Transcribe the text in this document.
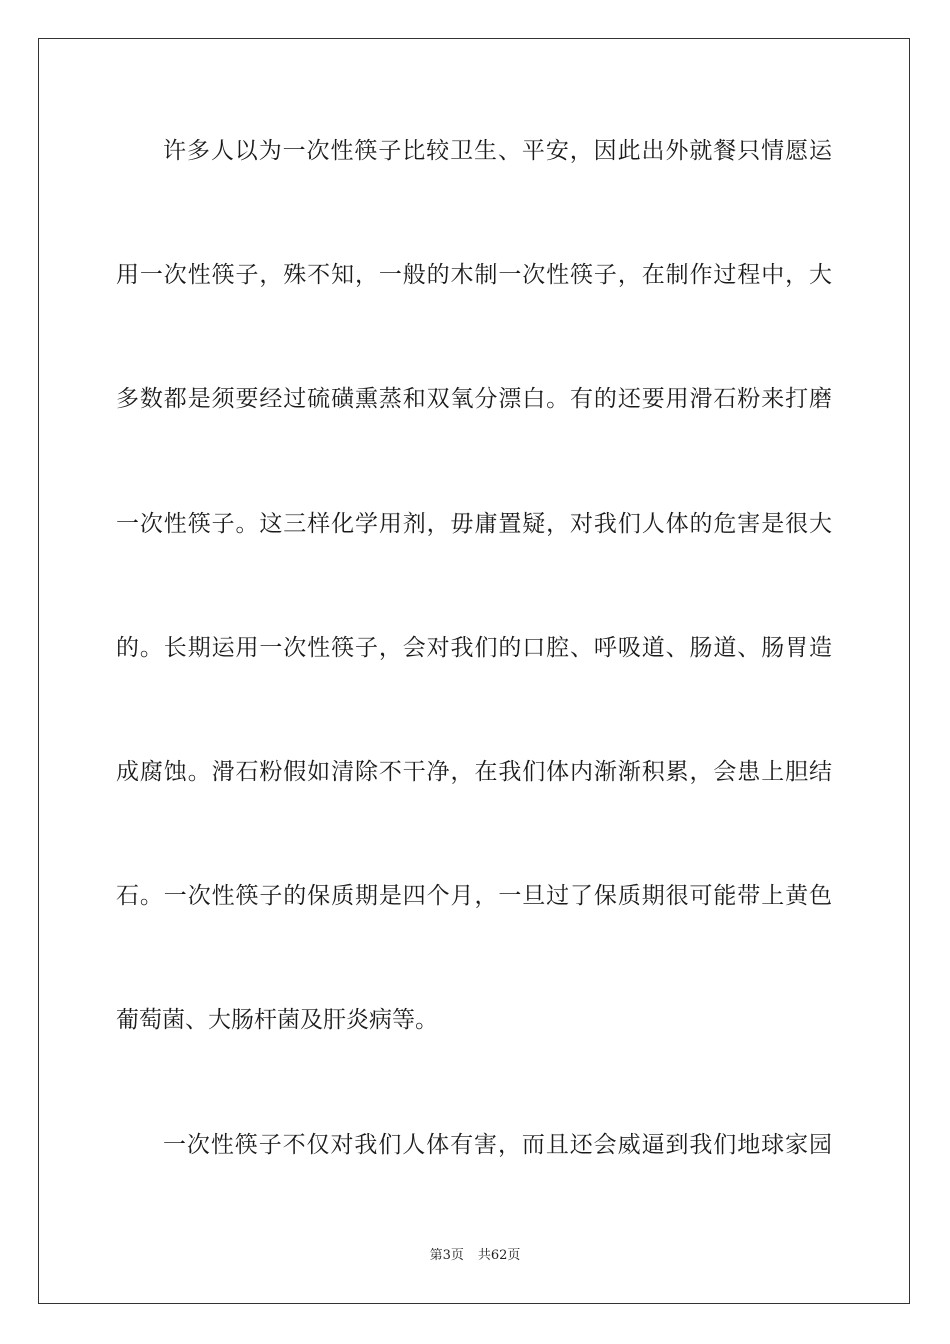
许多人以为一次性筷子比较卫生、平安，因此出外就餐只情愿运
用一次性筷子，殊不知，一般的木制一次性筷子，在制作过程中，大
多数都是须要经过硫磺熏蒸和双氧分漂白。有的还要用滑石粉来打磨
一次性筷子。这三样化学用剂，毋庸置疑，对我们人体的危害是很大
的。长期运用一次性筷子，会对我们的口腔、呼吸道、肠道、肠胃造
成腐蚀。滑石粉假如清除不干净，在我们体内渐渐积累，会患上胆结
石。一次性筷子的保质期是四个月，一旦过了保质期很可能带上黄色
葡萄菌、大肠杆菌及肝炎病等。
一次性筷子不仅对我们人体有害，而且还会威逼到我们地球家园
第3页 共62页
